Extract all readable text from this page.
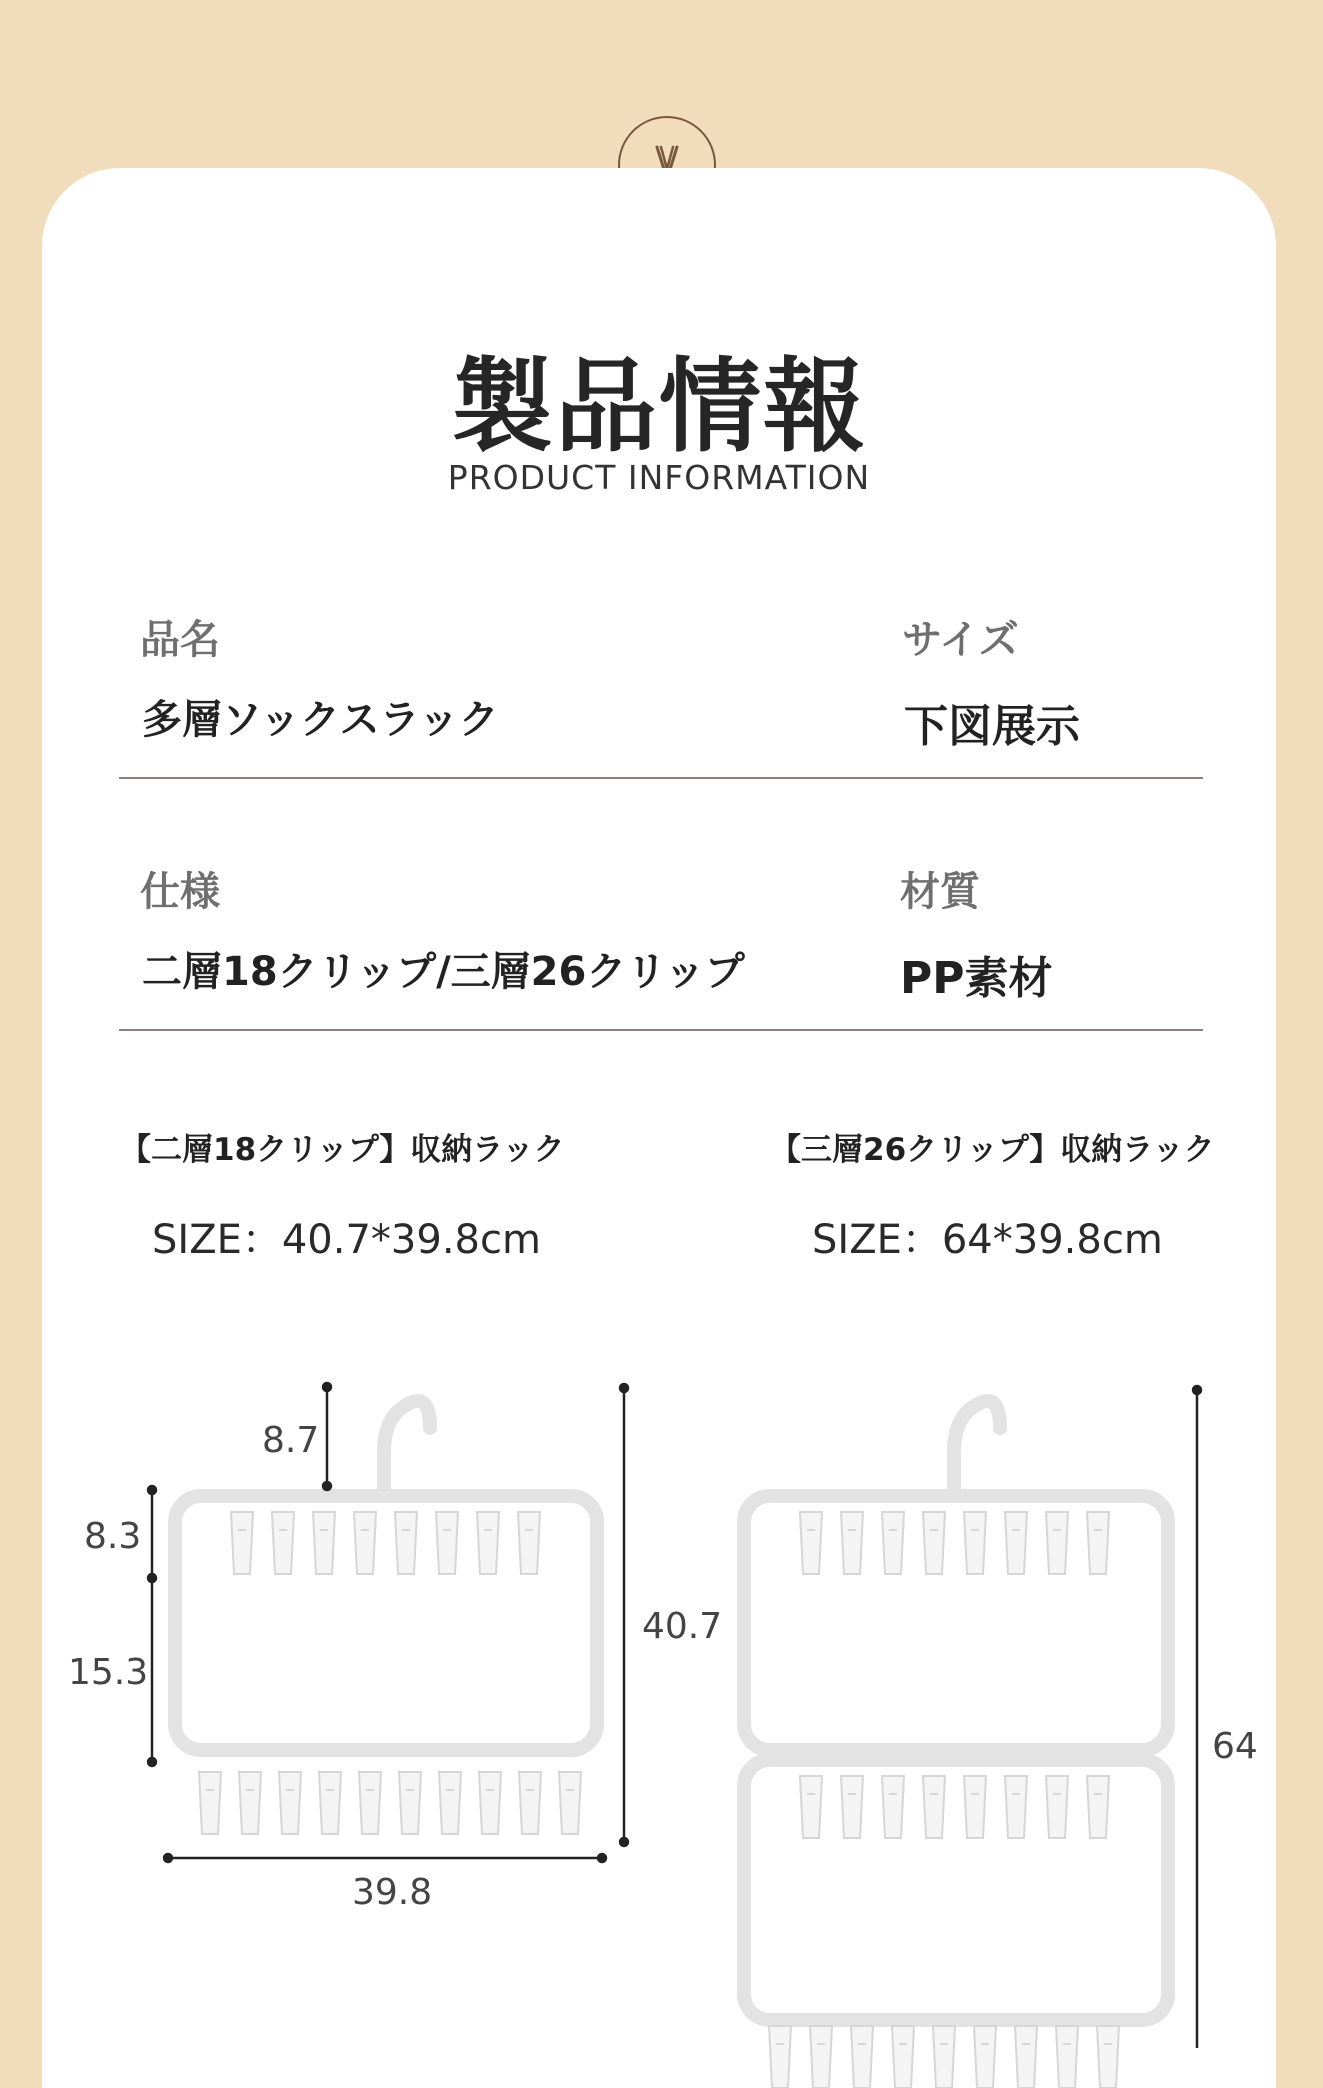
製品情報
PRODUCT INFORMATION
品名
多層ソックスラック
サイズ
下図展示
仕様
二層18クリップ/三層26クリップ
材質
PP素材
【二層18クリップ】収納ラック
SIZE：40.7*39.8cm
【三層26クリップ】収納ラック
SIZE：64*39.8cm
8.7
8.3
15.3
40.7
39.8
64
